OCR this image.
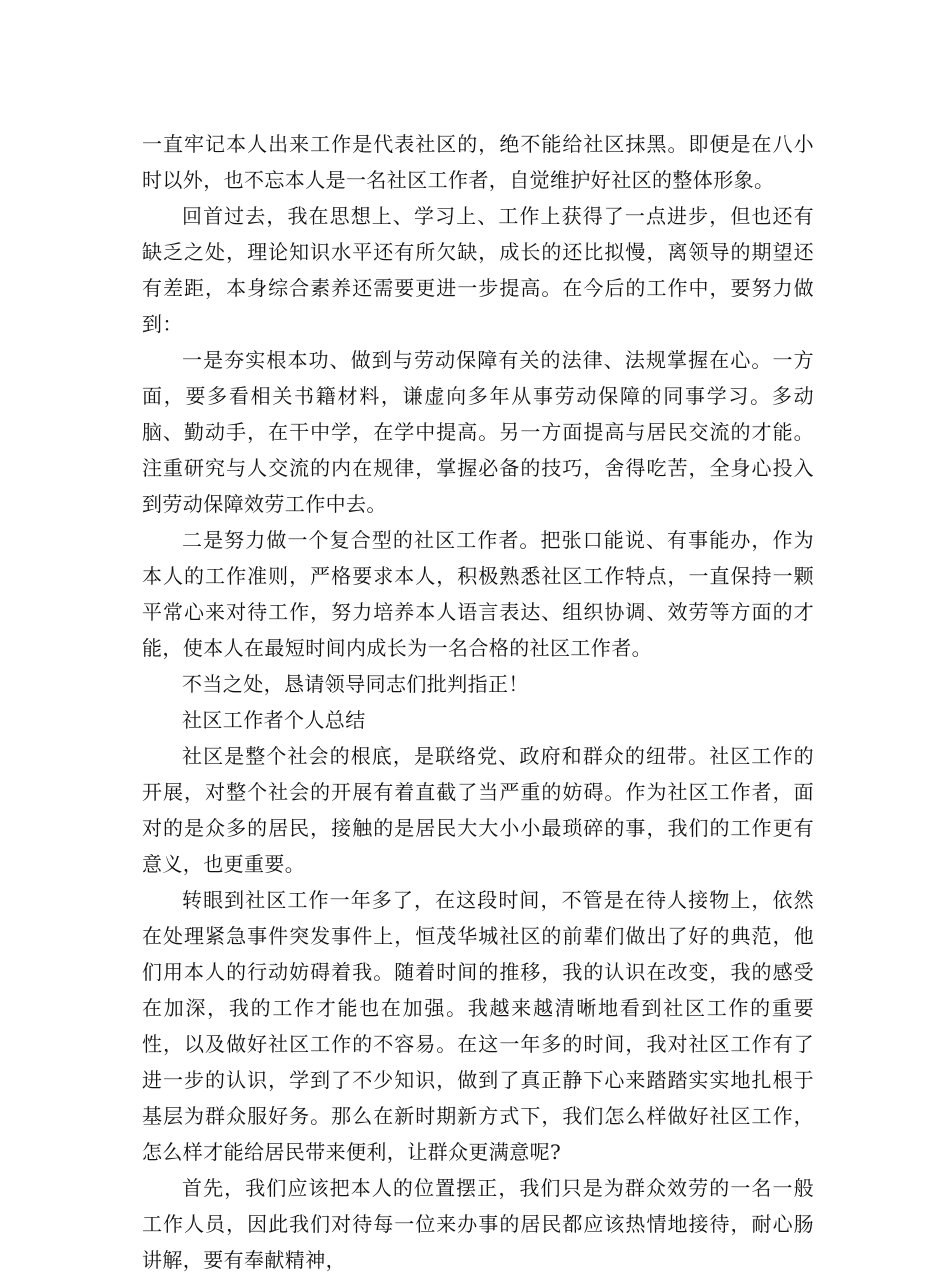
一直牢记本人出来工作是代表社区的，绝不能给社区抹黑。即便是在八小时以外，也不忘本人是一名社区工作者，自觉维护好社区的整体形象。

回首过去，我在思想上、学习上、工作上获得了一点进步，但也还有缺乏之处，理论知识水平还有所欠缺，成长的还比拟慢，离领导的期望还有差距，本身综合素养还需要更进一步提高。在今后的工作中，要努力做到：

一是夯实根本功、做到与劳动保障有关的法律、法规掌握在心。一方面，要多看相关书籍材料，谦虚向多年从事劳动保障的同事学习。多动脑、勤动手，在干中学，在学中提高。另一方面提高与居民交流的才能。注重研究与人交流的内在规律，掌握必备的技巧，舍得吃苦，全身心投入到劳动保障效劳工作中去。

二是努力做一个复合型的社区工作者。把张口能说、有事能办，作为本人的工作准则，严格要求本人，积极熟悉社区工作特点，一直保持一颗平常心来对待工作，努力培养本人语言表达、组织协调、效劳等方面的才能，使本人在最短时间内成长为一名合格的社区工作者。

不当之处，恳请领导同志们批判指正！

社区工作者个人总结

社区是整个社会的根底，是联络党、政府和群众的纽带。社区工作的开展，对整个社会的开展有着直截了当严重的妨碍。作为社区工作者，面对的是众多的居民，接触的是居民大大小小最琐碎的事，我们的工作更有意义，也更重要。

转眼到社区工作一年多了，在这段时间，不管是在待人接物上，依然在处理紧急事件突发事件上，恒茂华城社区的前辈们做出了好的典范，他们用本人的行动妨碍着我。随着时间的推移，我的认识在改变，我的感受在加深，我的工作才能也在加强。我越来越清晰地看到社区工作的重要性，以及做好社区工作的不容易。在这一年多的时间，我对社区工作有了进一步的认识，学到了不少知识，做到了真正静下心来踏踏实实地扎根于基层为群众服好务。那么在新时期新方式下，我们怎么样做好社区工作，怎么样才能给居民带来便利，让群众更满意呢?

首先，我们应该把本人的位置摆正，我们只是为群众效劳的一名一般工作人员，因此我们对待每一位来办事的居民都应该热情地接待，耐心肠讲解，要有奉献精神，
